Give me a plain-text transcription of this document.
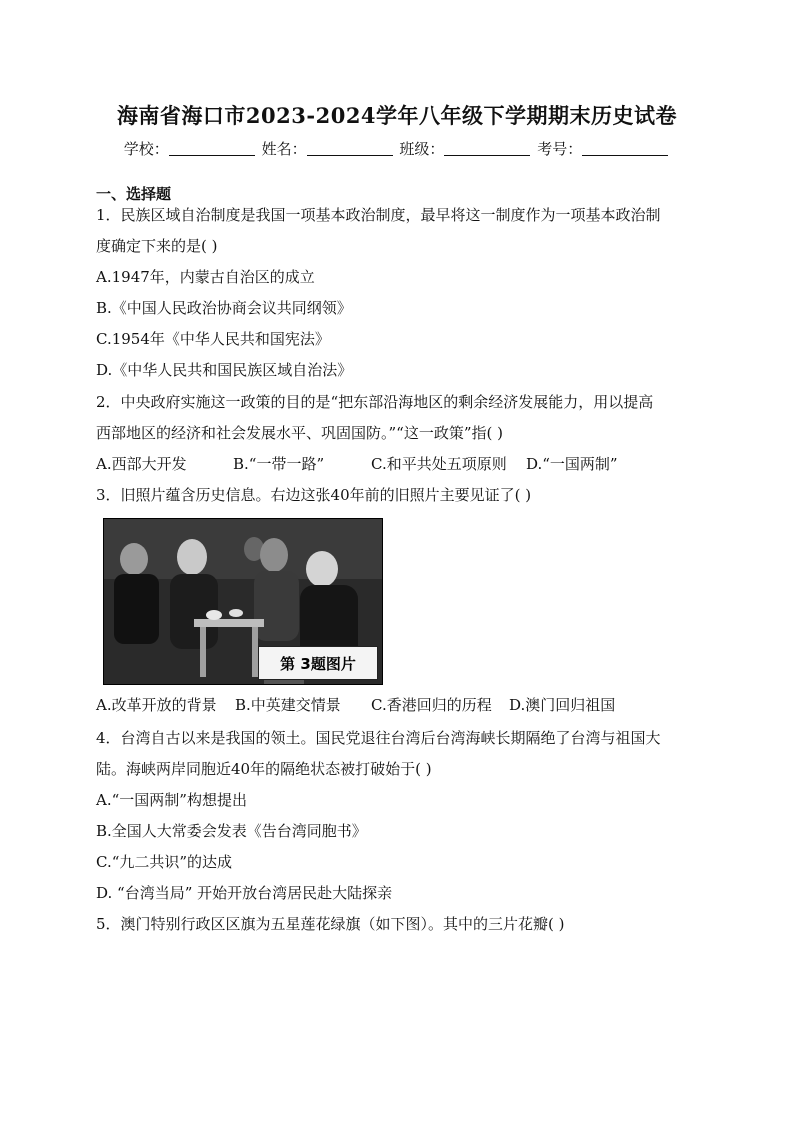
海南省海口市2023-2024学年八年级下学期期末历史试卷
学校：	姓名：	班级：	考号：
一、选择题
1．民族区域自治制度是我国一项基本政治制度，最早将这一制度作为一项基本政治制
度确定下来的是( )
A.1947年，内蒙古自治区的成立
B.《中国人民政治协商会议共同纲领》
C.1954年《中华人民共和国宪法》
D.《中华人民共和国民族区域自治法》
2．中央政府实施这一政策的目的是“把东部沿海地区的剩余经济发展能力，用以提高
西部地区的经济和社会发展水平、巩固国防。”“这一政策”指( )
A.西部大开发	B.“一带一路”	C.和平共处五项原则 D.“一国两制”
3．旧照片蕴含历史信息。右边这张40年前的旧照片主要见证了( )
第 3题图片
A.改革开放的背景 B.中英建交情景 C.香港回归的历程 D.澳门回归祖国
4．台湾自古以来是我国的领土。国民党退往台湾后台湾海峡长期隔绝了台湾与祖国大
陆。海峡两岸同胞近40年的隔绝状态被打破始于( )
A.“一国两制”构想提出
B.全国人大常委会发表《告台湾同胞书》
C.“九二共识”的达成
D. “台湾当局” 开始开放台湾居民赴大陆探亲
5．澳门特别行政区区旗为五星莲花绿旗（如下图）。其中的三片花瓣( )
